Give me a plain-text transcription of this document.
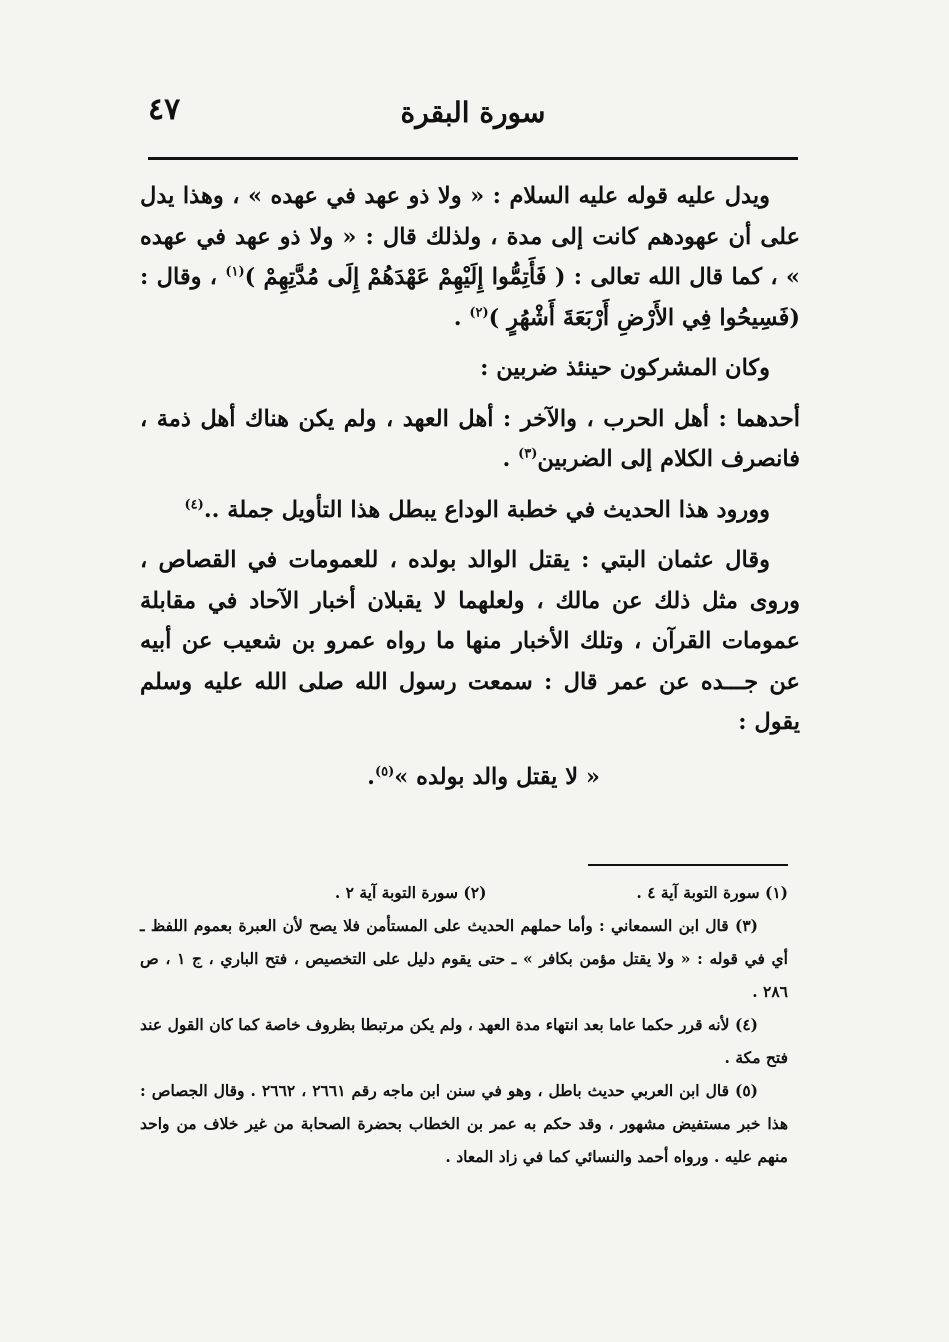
٤٧	سورة البقرة

ويدل عليه قوله عليه السلام : « ولا ذو عهد في عهده » ، وهذا يدل على أن عهودهم كانت إلى مدة ، ولذلك قال : « ولا ذو عهد في عهده » ، كما قال الله تعالى : ( فَأَتِمُّوا إِلَيْهِمْ عَهْدَهُمْ إِلَى مُدَّتِهِمْ )$^{(١)}$ ، وقال : (فَسِيحُوا فِي الأَرْضِ أَرْبَعَةَ أَشْهُرٍ )$^{(٢)}$ .

وكان المشركون حينئذ ضربين :

أحدهما : أهل الحرب ، والآخر : أهل العهد ، ولم يكن هناك أهل ذمة ، فانصرف الكلام إلى الضربين$^{(٣)}$ .

وورود هذا الحديث في خطبة الوداع يبطل هذا التأويل جملة ..$^{(٤)}$

وقال عثمان البتي : يقتل الوالد بولده ، للعمومات في القصاص ، وروى مثل ذلك عن مالك ، ولعلهما لا يقبلان أخبار الآحاد في مقابلة عمومات القرآن ، وتلك الأخبار منها ما رواه عمرو بن شعيب عن أبيه عن جـــده عن عمر قال : سمعت رسول الله صلى الله عليه وسلم يقول :

« لا يقتل والد بولده »$^{(٥)}$.

(١) سورة التوبة آية ٤ .
(٢) سورة التوبة آية ٢ .

(٣) قال ابن السمعاني : وأما حملهم الحديث على المستأمن فلا يصح لأن العبرة بعموم اللفظ ـ أي في قوله : « ولا يقتل مؤمن بكافر » ـ حتى يقوم دليل على التخصيص ، فتح الباري ، ج ١ ، ص ٢٨٦ .

(٤) لأنه قرر حكما عاما بعد انتهاء مدة العهد ، ولم يكن مرتبطا بظروف خاصة كما كان القول عند فتح مكة .

(٥) قال ابن العربي حديث باطل ، وهو في سنن ابن ماجه رقم ٢٦٦١ ، ٢٦٦٢ . وقال الجصاص : هذا خبر مستفيض مشهور ، وقد حكم به عمر بن الخطاب بحضرة الصحابة من غير خلاف من واحد منهم عليه . ورواه أحمد والنسائي كما في زاد المعاد .
